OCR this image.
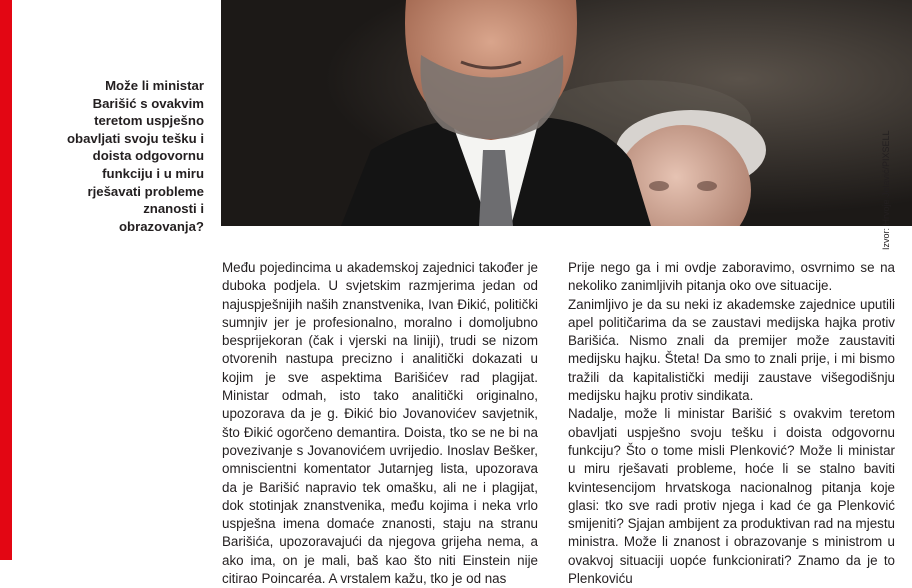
Izvor: Hrvoje Jelavić/PIXSELL
Može li ministar Barišić s ovakvim teretom uspješno obavljati svoju tešku i doista odgovornu funkciju i u miru rješavati probleme znanosti i obrazovanja?

Među pojedincima u akademskoj zajednici također je duboka podjela. U svjetskim razmjerima jedan od najuspješnijih naših znanstvenika, Ivan Đikić, politički sumnjiv jer je profesionalno, moralno i domoljubno besprijekoran (čak i vjerski na liniji), trudi se nizom otvorenih nastupa precizno i analitički dokazati u kojim je sve aspektima Barišićev rad plagijat. Ministar odmah, isto tako analitički originalno, upozorava da je g. Đikić bio Jovanovićev savjetnik, što Đikić ogorčeno demantira. Doista, tko se ne bi na povezivanje s Jovanovićem uvrijedio. Inoslav Bešker, omniscientni komentator Jutarnjeg lista, upozorava da je Barišić napravio tek omašku, ali ne i plagijat, dok stotinjak znanstvenika, među kojima i neka vrlo uspješna imena domaće znanosti, staju na stranu Barišića, upozoravajući da njegova grijeha nema, a ako ima, on je mali, baš kao što niti Einstein nije citirao Poincaréa. A vrstalem kažu, tko je od nas

Prije nego ga i mi ovdje zaboravimo, osvrnimo se na nekoliko zanimljivih pitanja oko ove situacije.

Zanimljivo je da su neki iz akademske zajednice uputili apel političarima da se zaustavi medijska hajka protiv Barišića. Nismo znali da premijer može zaustaviti medijsku hajku. Šteta! Da smo to znali prije, i mi bismo tražili da kapitalistički mediji zaustave višegodišnju medijsku hajku protiv sindikata.

Nadalje, može li ministar Barišić s ovakvim teretom obavljati uspješno svoju tešku i doista odgovornu funkciju? Što o tome misli Plenković? Može li ministar u miru rješavati probleme, hoće li se stalno baviti kvintesencijom hrvatskoga nacionalnog pitanja koje glasi: tko sve radi protiv njega i kad će ga Plenković smijeniti? Sjajan ambijent za produktivan rad na mjestu ministra. Može li znanost i obrazovanje s ministrom u ovakvoj situaciji uopće funkcionirati? Znamo da je to Plenkoviću
